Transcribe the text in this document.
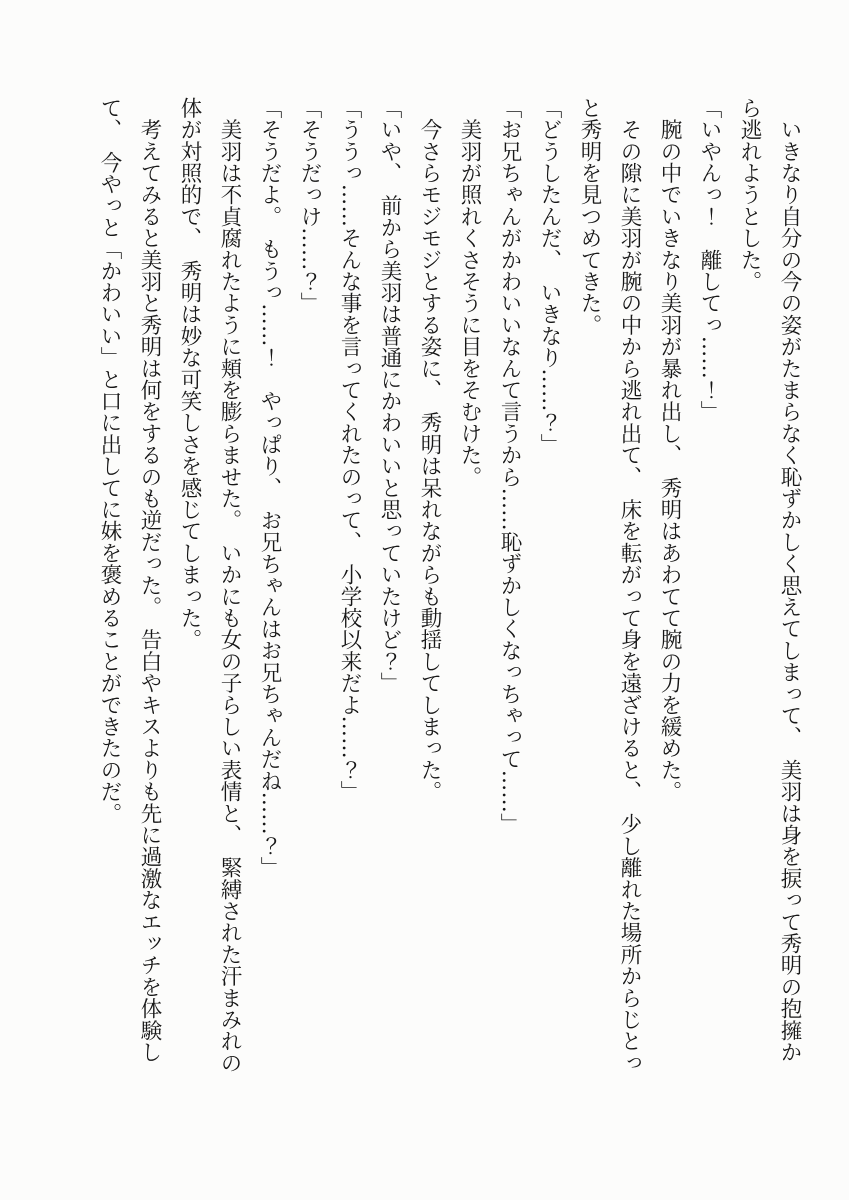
　いきなり自分の今の姿がたまらなく恥ずかしく思えてしまって、　美羽は身を捩って秀明の抱擁か
ら逃れようとした。
「いやんっ！　離してっ……！」
　腕の中でいきなり美羽が暴れ出し、　秀明はあわてて腕の力を緩めた。
　その隙に美羽が腕の中から逃れ出て、　床を転がって身を遠ざけると、　少し離れた場所からじとっ
と秀明を見つめてきた。
「どうしたんだ、　いきなり……？」
「お兄ちゃんがかわいいなんて言うから……恥ずかしくなっちゃって……」
　美羽が照れくさそうに目をそむけた。
　今さらモジモジとする姿に、　秀明は呆れながらも動揺してしまった。
「いや、　前から美羽は普通にかわいいと思っていたけど？」
「ううっ……そんな事を言ってくれたのって、　小学校以来だよ……？」
「そうだっけ……？」
「そうだよ。　もうっ……！　やっぱり、　お兄ちゃんはお兄ちゃんだね……？」
　美羽は不貞腐れたように頬を膨らませた。　いかにも女の子らしい表情と、　緊縛された汗まみれの
体が対照的で、　秀明は妙な可笑しさを感じてしまった。
　考えてみると美羽と秀明は何をするのも逆だった。　告白やキスよりも先に過激なエッチを体験し
て、　今やっと「かわいい」と口に出してに妹を褒めることができたのだ。
